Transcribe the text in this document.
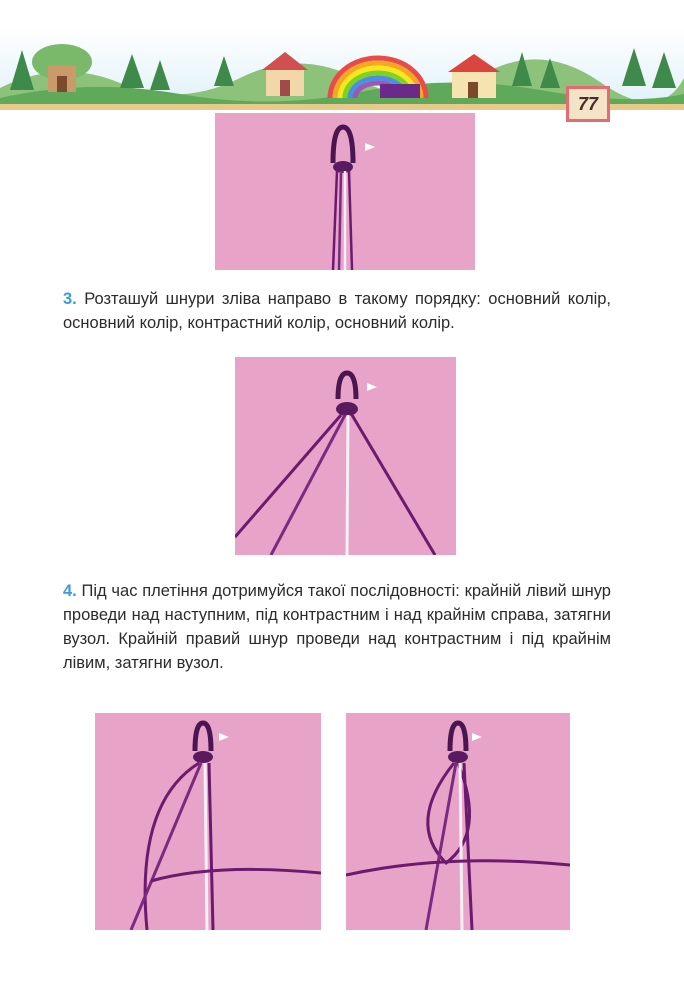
77
3. Розташуй шнури зліва направо в такому порядку: основний колір, основний колір, контрастний колір, основний колір.
4. Під час плетіння дотримуйся такої послідовності: крайній лівий шнур проведи над наступним, під контрастним і над крайнім справа, затягни вузол. Крайній правий шнур проведи над контрастним і під крайнім лівим, затягни вузол.
